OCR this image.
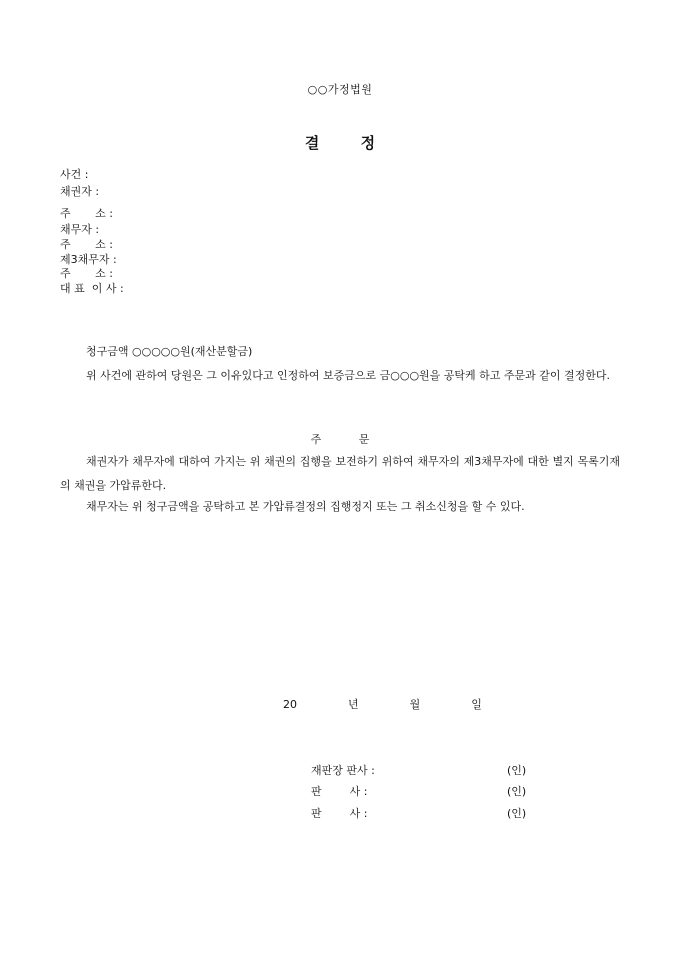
○○가정법원
결 정
사건 :
채권자 :
주       소 :
채무자 :
주       소 :
제3채무자 :
주       소 :
대 표  이 사 :
청구금액 ○○○○○원(재산분할금)
위 사건에 관하여 당원은 그 이유있다고 인정하여 보증금으로 금○○○원을 공탁케 하고 주문과 같이 결정한다.
주 문
채권자가 채무자에 대하여 가지는 위 채권의 집행을 보전하기 위하여 채무자의 제3채무자에 대한 별지 목록기재의 채권을 가압류한다.
채무자는 위 청구금액을 공탁하고 본 가압류결정의 집행정지 또는 그 취소신청을 할 수 있다.
20  년  월  일
재판장 판사 :	(인)
판        사 :	(인)
판        사 :	(인)
